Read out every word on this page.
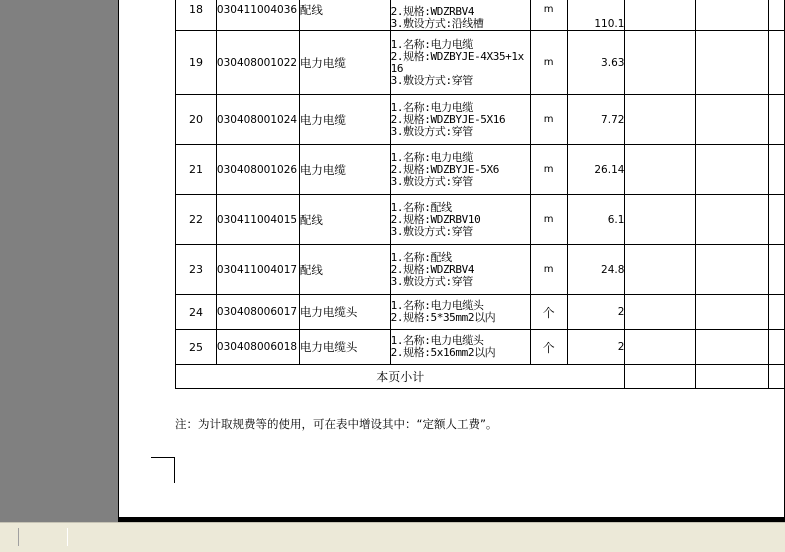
18	030411004036	配线	2.规格:WDZRBV4
3.敷设方式:沿线槽	m	110.1			
19	030408001022	电力电缆	1.名称:电力电缆
2.规格:WDZBYJE-4X35+1x
16
3.敷设方式:穿管	m	3.63			
20	030408001024	电力电缆	1.名称:电力电缆
2.规格:WDZBYJE-5X16
3.敷设方式:穿管	m	7.72			
21	030408001026	电力电缆	1.名称:电力电缆
2.规格:WDZBYJE-5X6
3.敷设方式:穿管	m	26.14			
22	030411004015	配线	1.名称:配线
2.规格:WDZRBV10
3.敷设方式:穿管	m	6.1			
23	030411004017	配线	1.名称:配线
2.规格:WDZRBV4
3.敷设方式:穿管	m	24.8			
24	030408006017	电力电缆头	1.名称:电力电缆头
2.规格:5*35mm2以内	个	2			
25	030408006018	电力电缆头	1.名称:电力电缆头
2.规格:5x16mm2以内	个	2			
本页小计								
注：为计取规费等的使用，可在表中增设其中：“定额人工费”。
